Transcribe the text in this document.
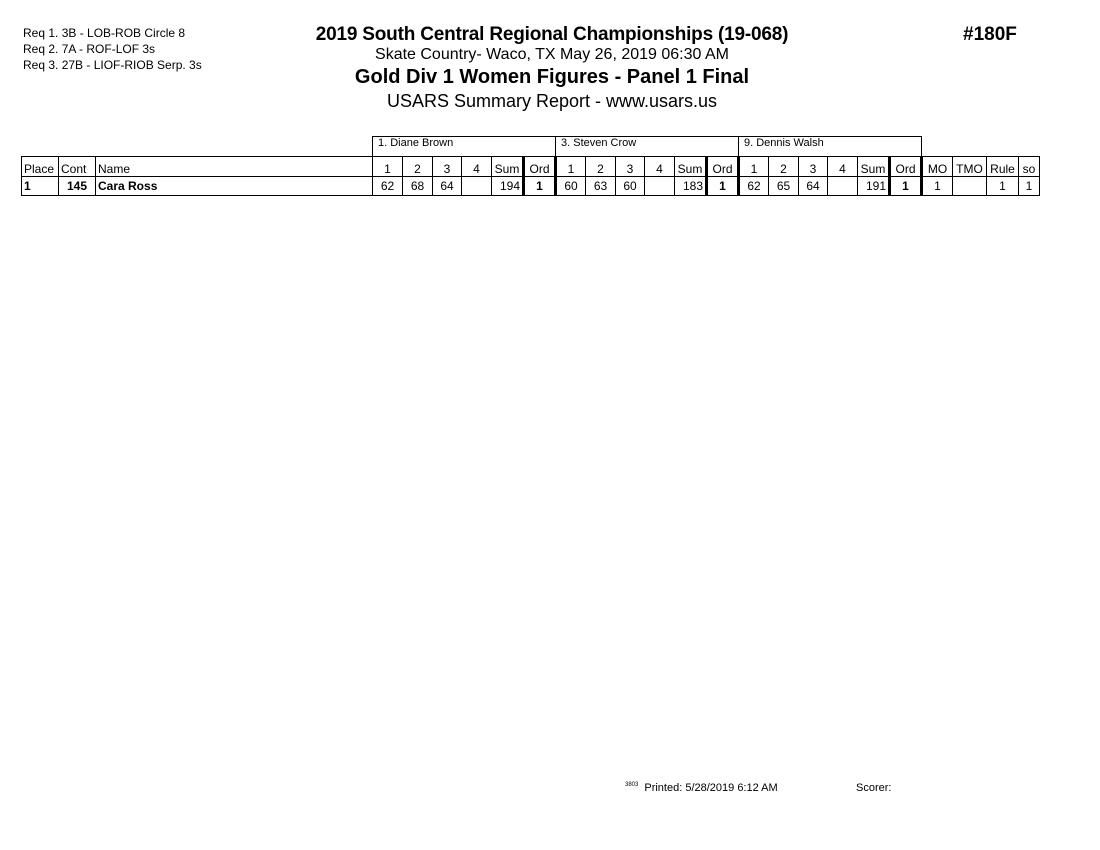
Req 1. 3B - LOB-ROB Circle 8
Req 2. 7A - ROF-LOF 3s
Req 3. 27B - LIOF-RIOB Serp. 3s
2019 South Central Regional Championships (19-068)
Skate Country- Waco, TX May 26, 2019 06:30 AM
Gold Div 1 Women Figures - Panel 1 Final
USARS Summary Report - www.usars.us
#180F
			1. Diane Brown						3. Steven Crow						9. Dennis Walsh									
Place	Cont	Name	1	2	3	4	Sum	Ord	1	2	3	4	Sum	Ord	1	2	3	4	Sum	Ord	MO	TMO	Rule	so
1	145	Cara Ross	62	68	64		194	1	60	63	60		183	1	62	65	64		191	1	1		1	1
$^{3803}$ Printed: 5/28/2019 6:12 AM	Scorer:
